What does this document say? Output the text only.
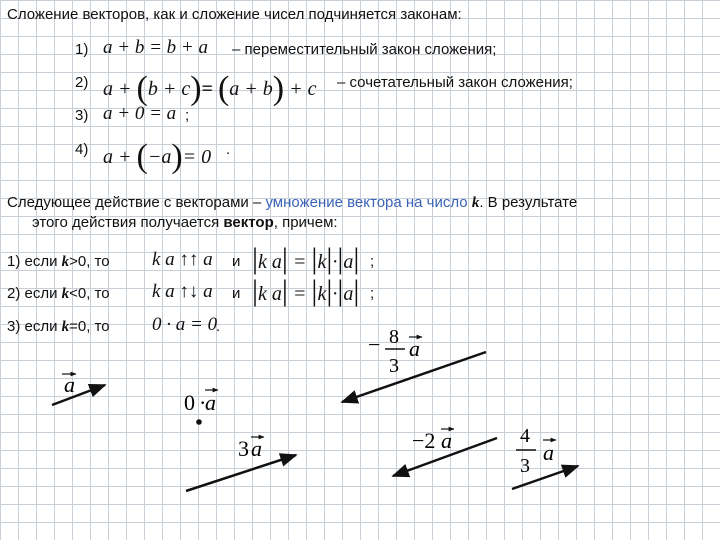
Сложение векторов, как и сложение чисел подчиняется законам:
1)
2)
3)
4)
– переместительный закон сложения;
– сочетательный закон сложения;
;
.
a + b = b + a
a + (b + c)= (a + b) + c
a + 0 = a
a + (−a)= 0
Следующее действие с векторами – умножение вектора на число k. В результате
этого действия получается вектор, причем:
1) если k>0, то
2) если k<0, то
3) если k=0, то
k a ↑↑ a и |k a| = |k|·|a| ;
k a ↑↓ a и |k a| = |k|·|a| ;
0 · a = 0
.
a
0 ·
a
− 8
3
a
3 a	−2 a	4
3
a
